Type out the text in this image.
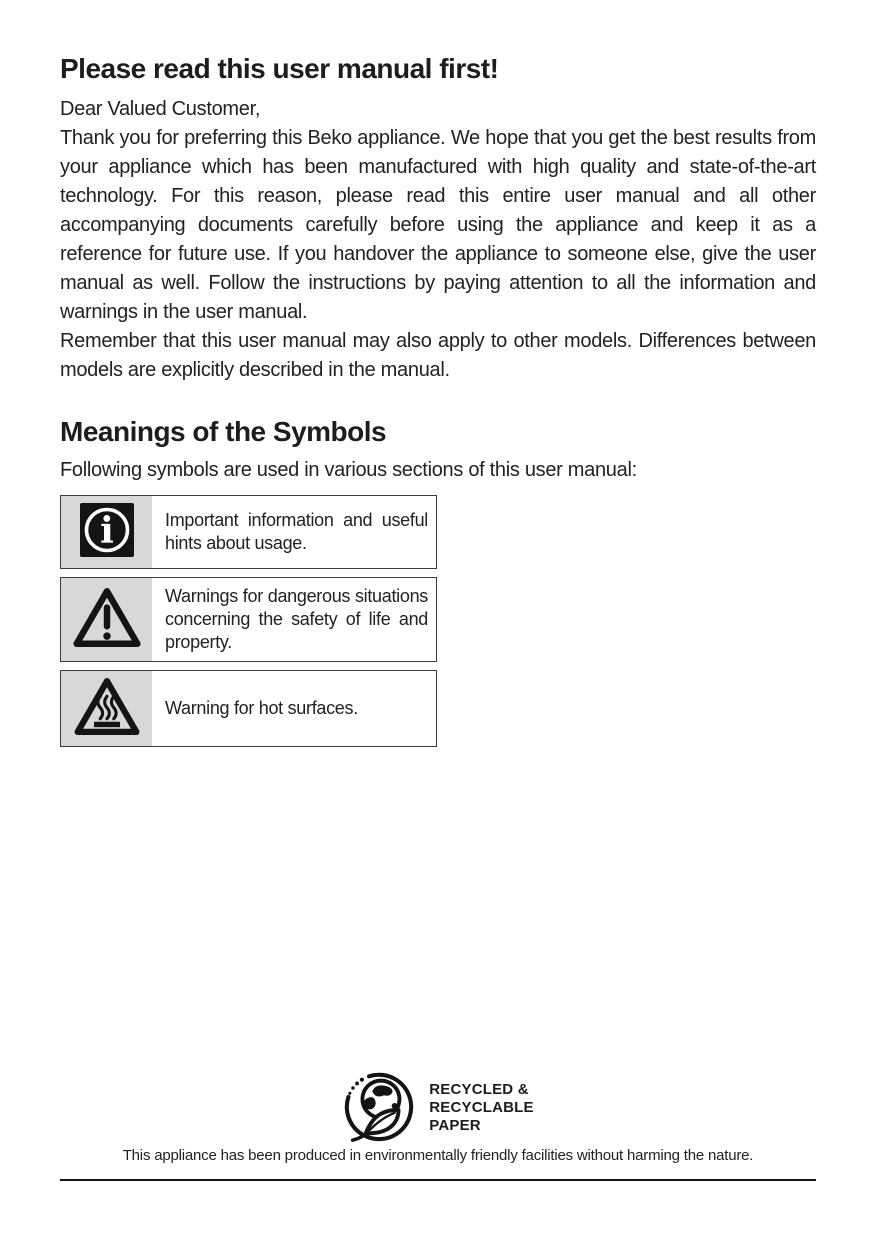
Please read this user manual first!

Dear Valued Customer,

Thank you for preferring this Beko appliance. We hope that you get the best results from your appliance which has been manufactured with high quality and state-of-the-art technology. For this reason, please read this entire user manual and all other accompanying documents carefully before using the appliance and keep it as a reference for future use. If you handover the appliance to someone else, give the user manual as well. Follow the instructions by paying attention to all the information and warnings in the user manual.

Remember that this user manual may also apply to other models. Differences between models are explicitly described in the manual.

Meanings of the Symbols

Following symbols are used in various sections of this user manual:

i	Important information and useful hints about usage.

Warnings for dangerous situations concerning the safety of life and property.

Warning for hot surfaces.

RECYCLED &
RECYCLABLE
PAPER
This appliance has been produced in environmentally friendly facilities without harming the nature.
